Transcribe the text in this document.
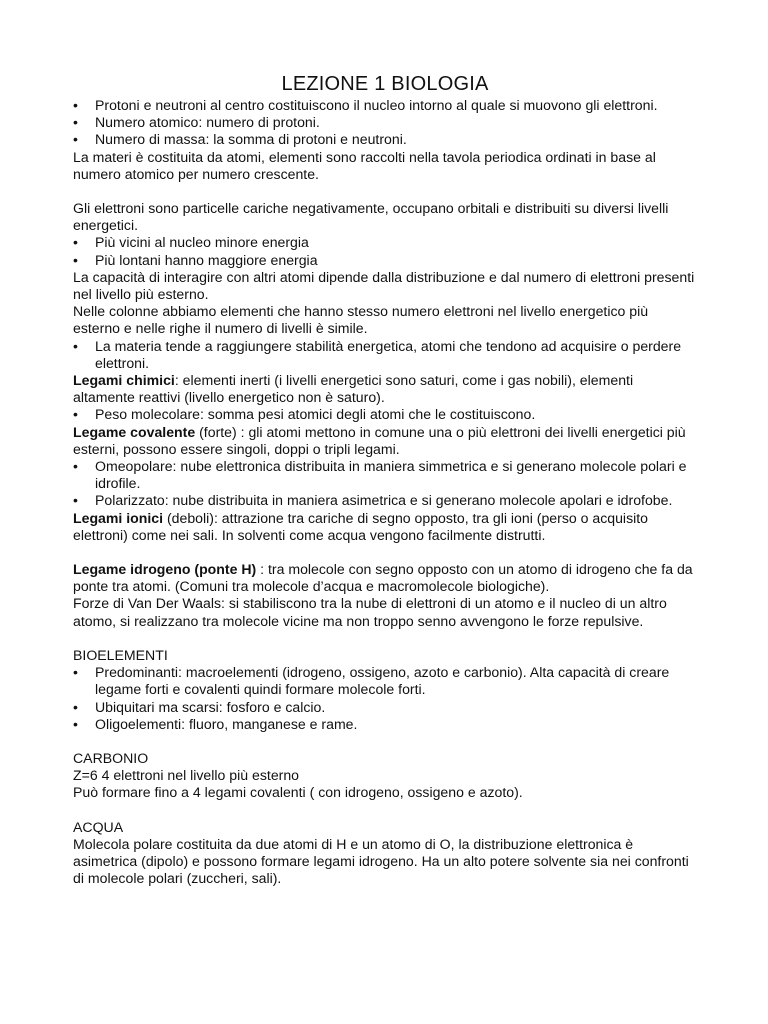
LEZIONE 1 BIOLOGIA
•	Protoni e neutroni al centro costituiscono il nucleo intorno al quale si muovono gli elettroni.
•	Numero atomico: numero di protoni.
•	Numero di massa: la somma di protoni e neutroni.

La materi è costituita da atomi, elementi sono raccolti nella tavola periodica ordinati in base al numero atomico per numero crescente.

Gli elettroni sono particelle cariche negativamente, occupano orbitali e distribuiti su diversi livelli energetici.

•	Più vicini al nucleo minore energia
•	Più lontani hanno maggiore energia

La capacità di interagire con altri atomi dipende dalla distribuzione e dal numero di elettroni presenti nel livello più esterno.

Nelle colonne abbiamo elementi che hanno stesso numero elettroni nel livello energetico più esterno e nelle righe il numero di livelli è simile.

•	La materia tende a raggiungere stabilità energetica, atomi che tendono ad acquisire o perdere elettroni.

Legami chimici: elementi inerti (i livelli energetici sono saturi, come i gas nobili), elementi altamente reattivi (livello energetico non è saturo).

•	Peso molecolare: somma pesi atomici degli atomi che le costituiscono.

Legame covalente (forte) : gli atomi mettono in comune una o più elettroni dei livelli energetici più esterni, possono essere singoli, doppi o tripli legami.

•	Omeopolare: nube elettronica distribuita in maniera simmetrica e si generano molecole polari e idrofile.
•	Polarizzato: nube distribuita in maniera asimetrica e si generano molecole apolari e idrofobe.

Legami ionici (deboli): attrazione tra cariche di segno opposto, tra gli ioni (perso o acquisito elettroni) come nei sali. In solventi come acqua vengono facilmente distrutti.

Legame idrogeno (ponte H) : tra molecole con segno opposto con un atomo di idrogeno che fa da ponte tra atomi. (Comuni tra molecole d’acqua e macromolecole biologiche).

Forze di Van Der Waals: si stabiliscono tra la nube di elettroni di un atomo e il nucleo di un altro atomo, si realizzano tra molecole vicine ma non troppo senno avvengono le forze repulsive.

BIOELEMENTI

•	Predominanti: macroelementi (idrogeno, ossigeno, azoto e carbonio). Alta capacità di creare legame forti e covalenti quindi formare molecole forti.
•	Ubiquitari ma scarsi: fosforo e calcio.
•	Oligoelementi: fluoro, manganese e rame.

CARBONIO

Z=6 4 elettroni nel livello più esterno

Può formare fino a 4 legami covalenti ( con idrogeno, ossigeno e azoto).

ACQUA

Molecola polare costituita da due atomi di H e un atomo di O, la distribuzione elettronica è asimetrica (dipolo) e possono formare legami idrogeno. Ha un alto potere solvente sia nei confronti di molecole polari (zuccheri, sali).
